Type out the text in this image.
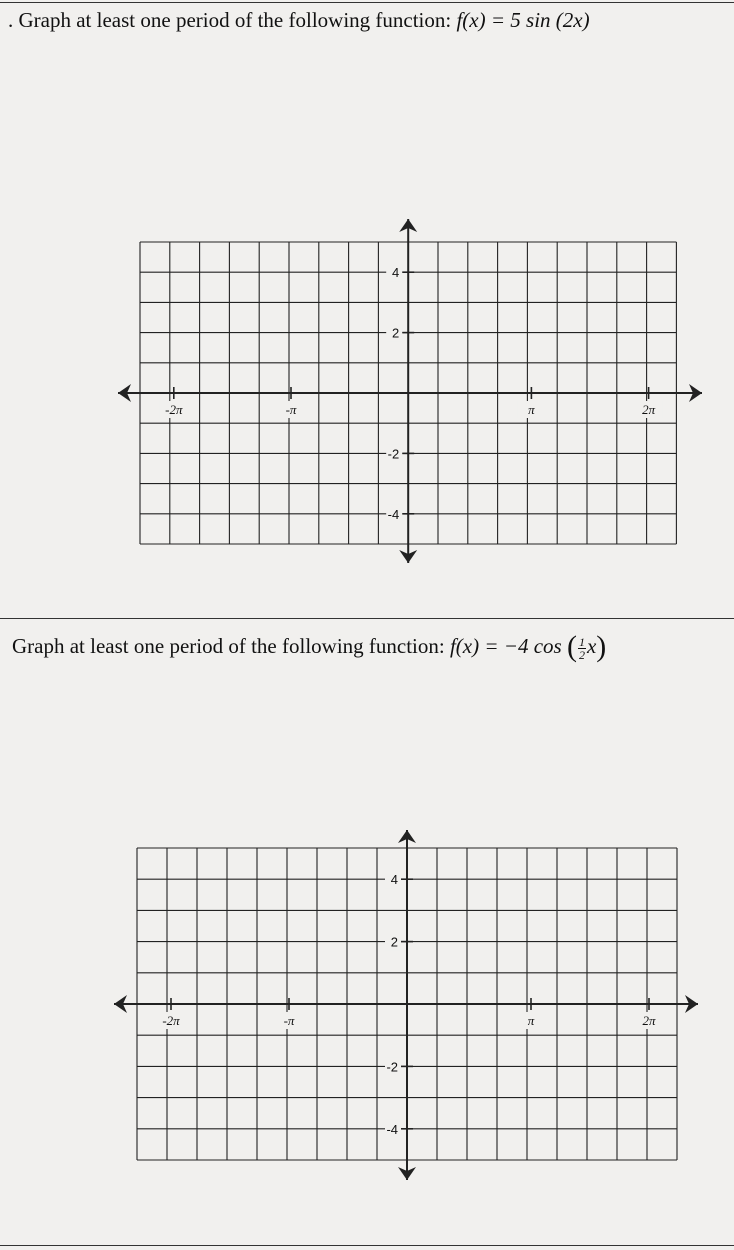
. Graph at least one period of the following function: f(x) = 5 sin (2x)
-2π	-π	π	2π
4
2
-2
-4
Graph at least one period of the following function: f(x) = −4 cos ( $\frac{1}{2} x$)
-2π	-π	π	2π
4
2
-2
-4
